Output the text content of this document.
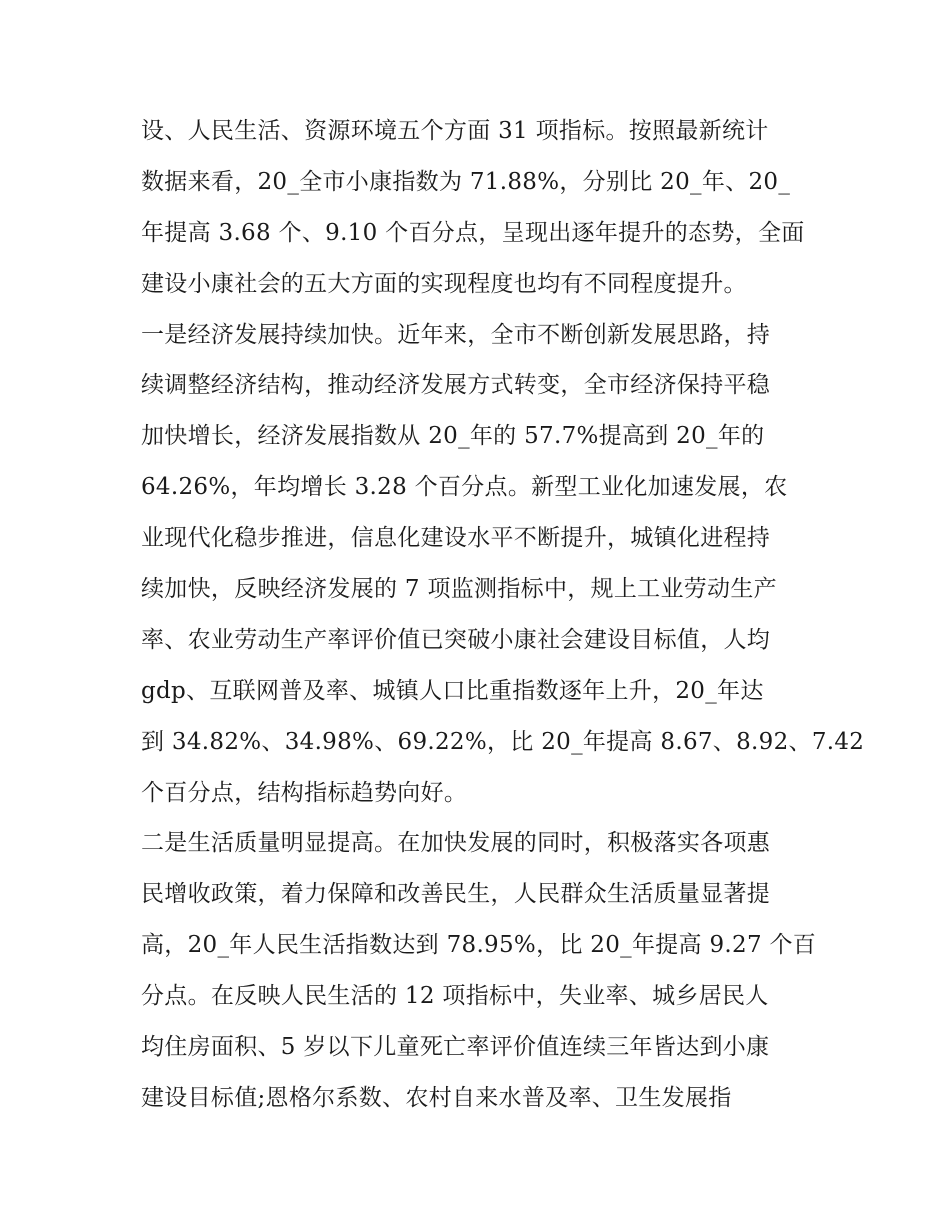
设、人民生活、资源环境五个方面 31 项指标。按照最新统计
数据来看，20_全市小康指数为 71.88%，分别比 20_年、20_
年提高 3.68 个、9.10 个百分点，呈现出逐年提升的态势，全面
建设小康社会的五大方面的实现程度也均有不同程度提升。
一是经济发展持续加快。近年来，全市不断创新发展思路，持
续调整经济结构，推动经济发展方式转变，全市经济保持平稳
加快增长，经济发展指数从 20_年的 57.7%提高到 20_年的
64.26%，年均增长 3.28 个百分点。新型工业化加速发展，农
业现代化稳步推进，信息化建设水平不断提升，城镇化进程持
续加快，反映经济发展的 7 项监测指标中，规上工业劳动生产
率、农业劳动生产率评价值已突破小康社会建设目标值，人均
gdp、互联网普及率、城镇人口比重指数逐年上升，20_年达
到 34.82%、34.98%、69.22%，比 20_年提高 8.67、8.92、7.42
个百分点，结构指标趋势向好。
二是生活质量明显提高。在加快发展的同时，积极落实各项惠
民增收政策，着力保障和改善民生，人民群众生活质量显著提
高，20_年人民生活指数达到 78.95%，比 20_年提高 9.27 个百
分点。在反映人民生活的 12 项指标中，失业率、城乡居民人
均住房面积、5 岁以下儿童死亡率评价值连续三年皆达到小康
建设目标值;恩格尔系数、农村自来水普及率、卫生发展指
